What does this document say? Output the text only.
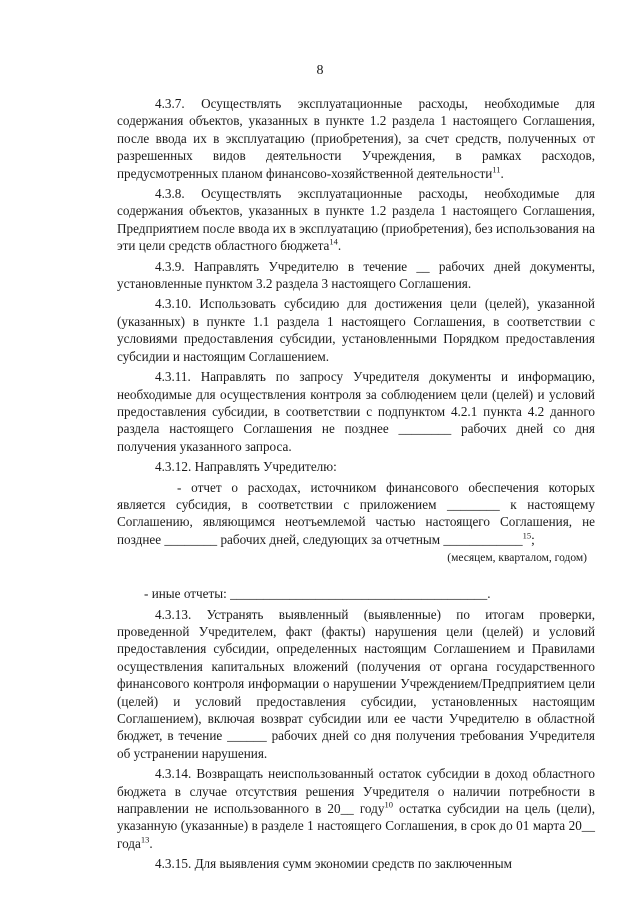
8

4.3.7. Осуществлять эксплуатационные расходы, необходимые для содержания объектов, указанных в пункте 1.2 раздела 1 настоящего Соглашения, после ввода их в эксплуатацию (приобретения), за счет средств, полученных от разрешенных видов деятельности Учреждения, в рамках расходов, предусмотренных планом финансово-хозяйственной деятельности$^{11}$.

4.3.8. Осуществлять эксплуатационные расходы, необходимые для содержания объектов, указанных в пункте 1.2 раздела 1 настоящего Соглашения, Предприятием после ввода их в эксплуатацию (приобретения), без использования на эти цели средств областного бюджета$^{14}$.

4.3.9. Направлять Учредителю в течение __ рабочих дней документы, установленные пунктом 3.2 раздела 3 настоящего Соглашения.

4.3.10. Использовать субсидию для достижения цели (целей), указанной (указанных) в пункте 1.1 раздела 1 настоящего Соглашения, в соответствии с условиями предоставления субсидии, установленными Порядком предоставления субсидии и настоящим Соглашением.

4.3.11. Направлять по запросу Учредителя документы и информацию, необходимые для осуществления контроля за соблюдением цели (целей) и условий предоставления субсидии, в соответствии с подпунктом 4.2.1 пункта 4.2 данного раздела настоящего Соглашения не позднее ________ рабочих дней со дня получения указанного запроса.

4.3.12. Направлять Учредителю:

- отчет о расходах, источником финансового обеспечения которых является субсидия, в соответствии с приложением ________ к настоящему Соглашению, являющимся неотъемлемой частью настоящего Соглашения, не позднее ________ рабочих дней, следующих за отчетным ____________$^{15}$;

(месяцем, кварталом, годом)

- иные отчеты: _______________________________________.

4.3.13. Устранять выявленный (выявленные) по итогам проверки, проведенной Учредителем, факт (факты) нарушения цели (целей) и условий предоставления субсидии, определенных настоящим Соглашением и Правилами осуществления капитальных вложений (получения от органа государственного финансового контроля информации о нарушении Учреждением/Предприятием цели (целей) и условий предоставления субсидии, установленных настоящим Соглашением), включая возврат субсидии или ее части Учредителю в областной бюджет, в течение ______ рабочих дней со дня получения требования Учредителя об устранении нарушения.

4.3.14. Возвращать неиспользованный остаток субсидии в доход областного бюджета в случае отсутствия решения Учредителя о наличии потребности в направлении не использованного в 20__ году$^{10}$ остатка субсидии на цель (цели), указанную (указанные) в разделе 1 настоящего Соглашения, в срок до 01 марта 20__ года$^{13}$.

4.3.15. Для выявления сумм экономии средств по заключенным
